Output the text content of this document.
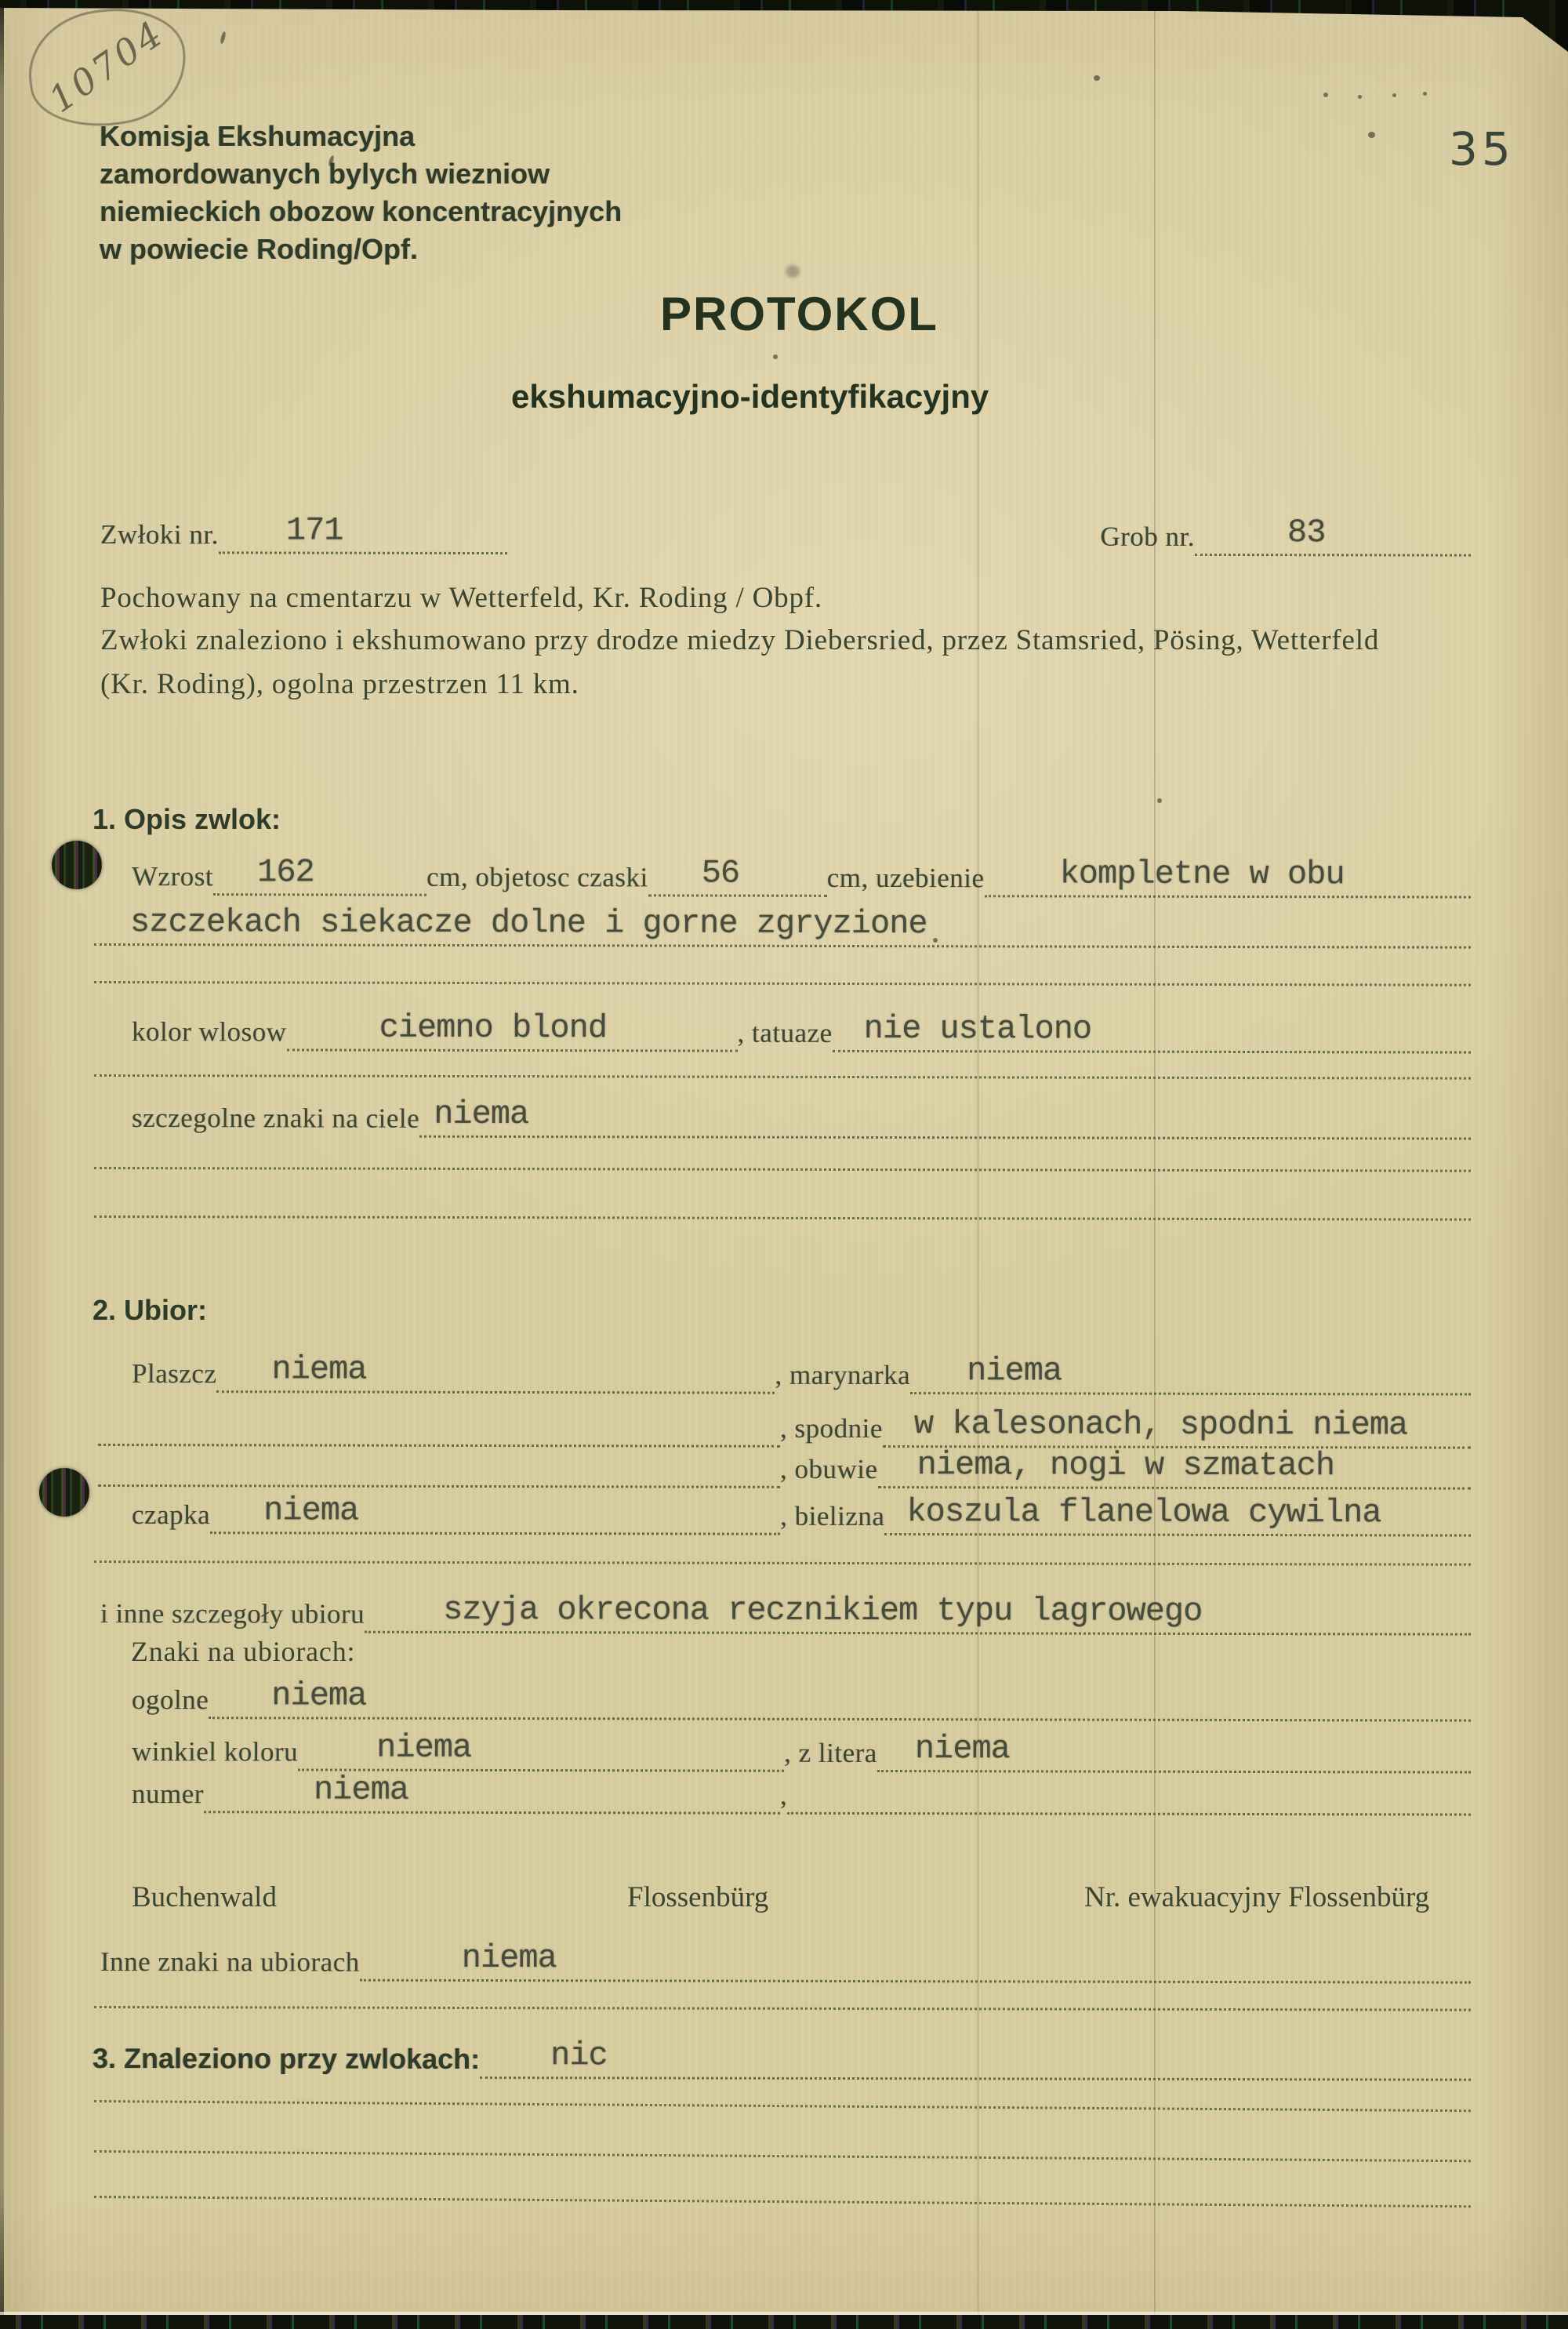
10704
Komisja Ekshumacyjna
zamordowanych bylych wiezniow
niemieckich obozow koncentracyjnych
w powiecie Roding/Opf.
35
PROTOKOL
ekshumacyjno-identyfikacyjny
Zwłoki nr. 171	Grob nr.	83
Pochowany na cmentarzu w Wetterfeld, Kr. Roding / Obpf.
Zwłoki znaleziono i ekshumowano przy drodze miedzy Diebersried, przez Stamsried, Pösing, Wetterfeld
(Kr. Roding), ogolna przestrzen 11 km.
1. Opis zwlok:
Wzrost 162	cm, objetosc czaski 56	cm, uzebienie kompletne w obu
szczekach siekacze dolne i gorne zgryzione
kolor wlosow	ciemno blond	, tatuaze nie ustalono
szczegolne znaki na ciele niema
2. Ubior:
Plaszcz niema	, marynarka niema
, spodnie w kalesonach, spodni niema
, obuwie niema, nogi w szmatach
czapka niema	, bielizna koszula flanelowa cywilna
i inne szczegoły ubioru szyja okrecona recznikiem typu lagrowego
Znaki na ubiorach:
ogolne niema
winkiel koloru niema	, z litera niema
numer	niema	,
Buchenwald	Flossenbürg	Nr. ewakuacyjny Flossenbürg
Inne znaki na ubiorach	niema
3. Znaleziono przy zwlokach: nic
